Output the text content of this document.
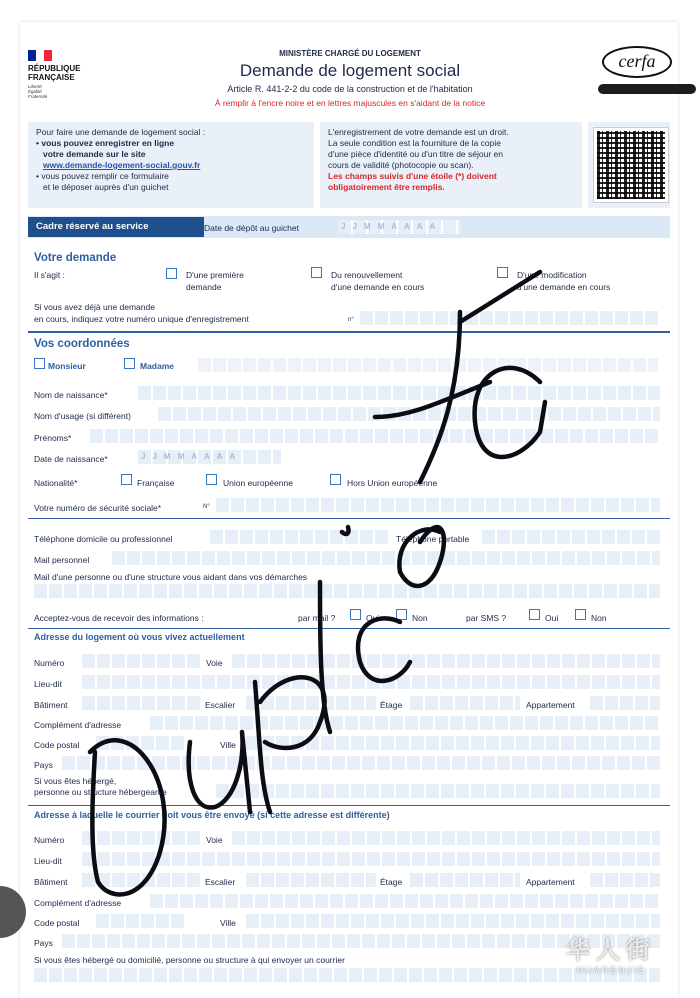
RÉPUBLIQUE
FRANÇAISE
Liberté
Égalité
Fraternité
MINISTÈRE CHARGÉ DU LOGEMENT
Demande de logement social
Article R. 441-2-2 du code de la construction et de l'habitation
À remplir à l'encre noire et en lettres majuscules en s'aidant de la notice
cerfa
Pour faire une demande de logement social :
• vous pouvez enregistrer en ligne
votre demande sur le site
www.demande-logement-social.gouv.fr
• vous pouvez remplir ce formulaire
et le déposer auprès d'un guichet
L'enregistrement de votre demande est un droit.
La seule condition est la fourniture de la copie
d'une pièce d'identité ou d'un titre de séjour en
cours de validité (photocopie ou scan).
Les champs suivis d'une étoile (*) doivent
obligatoirement être remplis.
Cadre réservé au service	Date de dépôt au guichet	JJMMAAAA
Votre demande
Il s'agit :	D'une première
demande
Du renouvellement
d'une demande en cours
D'une modification
d'une demande en cours
Si vous avez déjà une demande
en cours, indiquez votre numéro unique d'enregistrement	n°
Vos coordonnées
Monsieur	Madame
Nom de naissance*
Nom d'usage (si différent)
Prénoms*
Date de naissance*	JJMMAAAA
Nationalité*	Française	Union européenne	Hors Union européenne
Votre numéro de sécurité sociale*	N°
Téléphone domicile ou professionnel	Téléphone portable
Mail personnel
Mail d'une personne ou d'une structure vous aidant dans vos démarches
Acceptez-vous de recevoir des informations :	par mail ?	Oui	Non	par SMS ?	Oui	Non
Adresse du logement où vous vivez actuellement
Numéro	Voie
Lieu-dit
Bâtiment	Escalier	Étage	Appartement
Complément d'adresse
Code postal	Ville
Pays
Si vous êtes hébergé,
personne ou structure hébergeante
Adresse à laquelle le courrier doit vous être envoyé (si cette adresse est différente)
Numéro	Voie
Lieu-dit
Bâtiment	Escalier	Étage	Appartement
Complément d'adresse
Code postal	Ville
Pays
Si vous êtes hébergé ou domicilié, personne ou structure à qui envoyer un courrier	华人街
HUARENJIE
